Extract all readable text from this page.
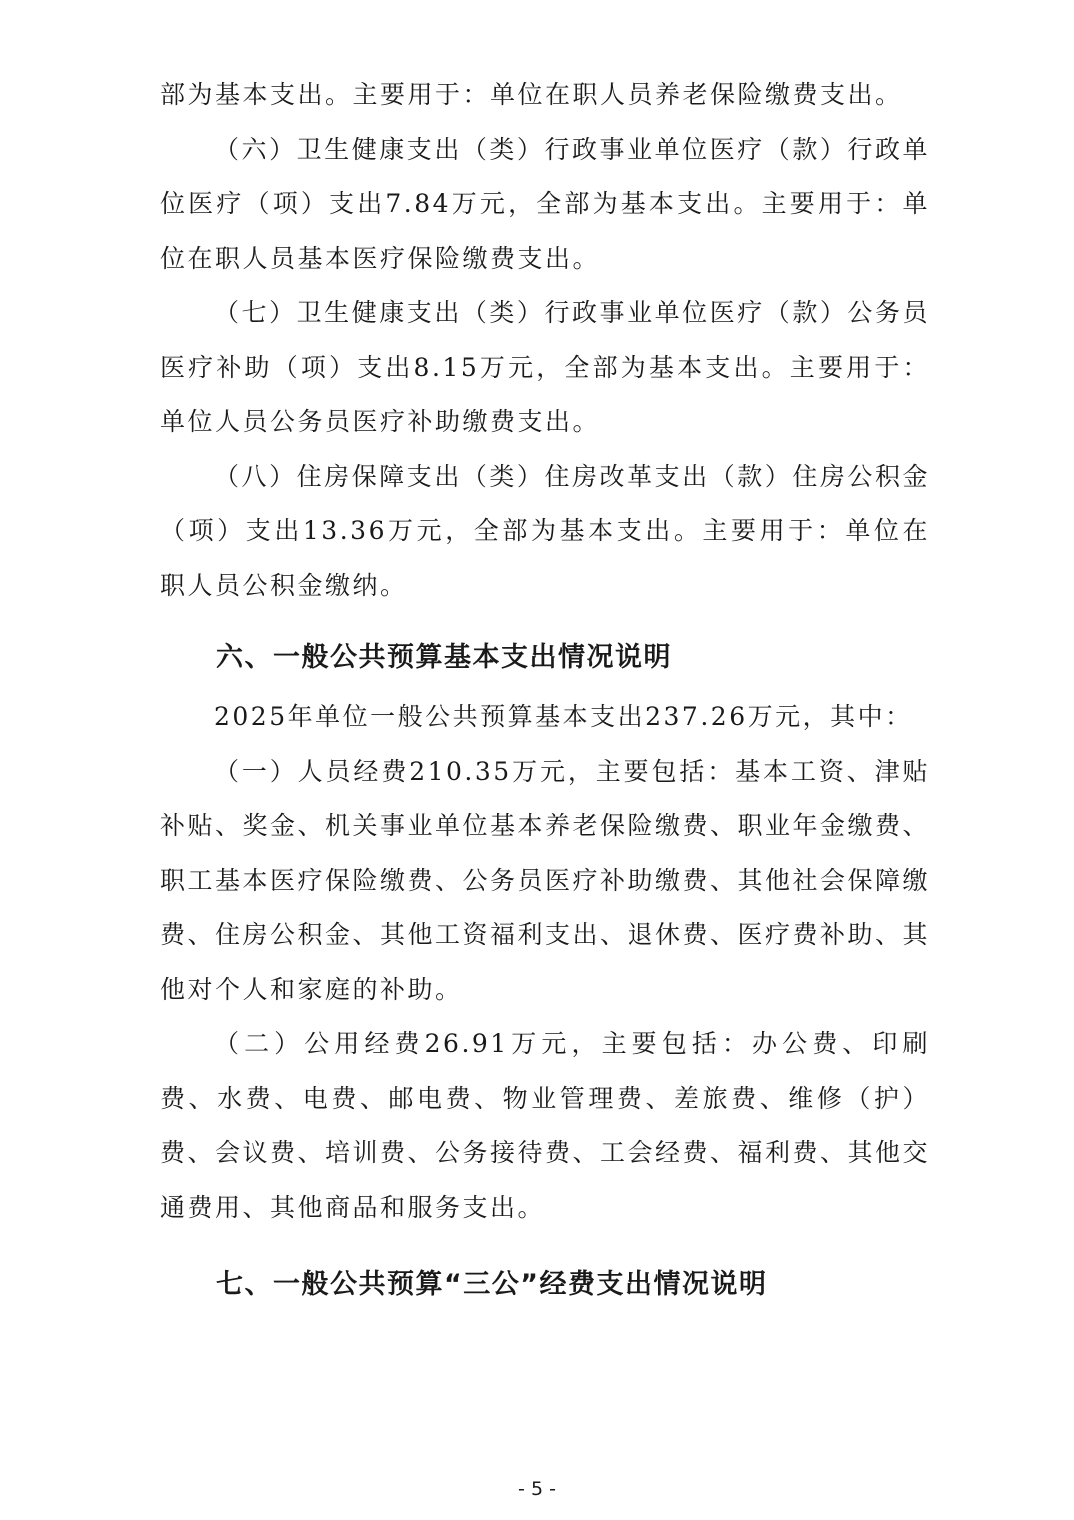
部为基本支出。主要用于：单位在职人员养老保险缴费支出。

（六）卫生健康支出（类）行政事业单位医疗（款）行政单位医疗（项）支出7.84万元，全部为基本支出。主要用于：单位在职人员基本医疗保险缴费支出。

（七）卫生健康支出（类）行政事业单位医疗（款）公务员医疗补助（项）支出8.15万元，全部为基本支出。主要用于：单位人员公务员医疗补助缴费支出。

（八）住房保障支出（类）住房改革支出（款）住房公积金（项）支出13.36万元，全部为基本支出。主要用于：单位在职人员公积金缴纳。

六、一般公共预算基本支出情况说明

2025年单位一般公共预算基本支出237.26万元，其中：

（一）人员经费210.35万元，主要包括：基本工资、津贴补贴、奖金、机关事业单位基本养老保险缴费、职业年金缴费、职工基本医疗保险缴费、公务员医疗补助缴费、其他社会保障缴费、住房公积金、其他工资福利支出、退休费、医疗费补助、其他对个人和家庭的补助。

（二）公用经费26.91万元，主要包括：办公费、印刷费、水费、电费、邮电费、物业管理费、差旅费、维修（护）费、会议费、培训费、公务接待费、工会经费、福利费、其他交通费用、其他商品和服务支出。

七、一般公共预算“三公”经费支出情况说明
- 5 -
